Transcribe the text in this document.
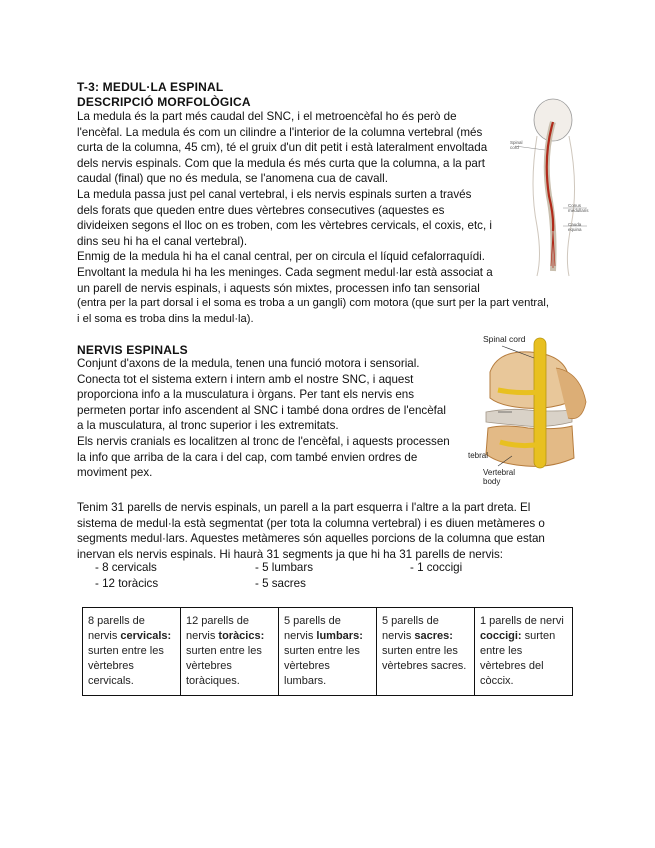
T-3: MEDUL·LA ESPINAL
DESCRIPCIÓ MORFOLÒGICA
La medula és la part més caudal del SNC, i el metroencèfal ho és però de
l'encèfal. La medula és com un cilindre a l'interior de la columna vertebral (més
curta de la columna, 45 cm), té el gruix d'un dit petit i està lateralment envoltada
dels nervis espinals. Com que la medula és més curta que la columna, a la part
caudal (final) que no és medula, se l'anomena cua de cavall.
La medula passa just pel canal vertebral, i els nervis espinals surten a través
dels forats que queden entre dues vèrtebres consecutives (aquestes es
divideixen segons el lloc on es troben, com les vèrtebres cervicals, el coxis, etc, i
dins seu hi ha el canal vertebral).
Enmig de la medula hi ha el canal central, per on circula el líquid cefalorraquídi.
Envoltant la medula hi ha les meninges. Cada segment medul·lar està associat a
un parell de nervis espinals, i aquests són mixtes, processen info tan sensorial
(entra per la part dorsal i el soma es troba a un gangli) com motora (que surt per la part ventral,
i el soma es troba dins la medul·la).
Spinal cord
Conus medullaris
Cauda equina
NERVIS ESPINALS
Conjunt d'axons de la medula, tenen una funció motora i sensorial.
Conecta tot el sistema extern i intern amb el nostre SNC, i aquest
proporciona info a la musculatura i òrgans. Per tant els nervis ens
permeten portar info ascendent al SNC i també dona ordres de l'encèfal
a la musculatura, al tronc superior i les extremitats.
Els nervis cranials es localitzen al tronc de l'encèfal, i aquests processen
la info que arriba de la cara i del cap, com també envien ordres de
moviment pex.
Spinal cord
tebral
Vertebral body
Tenim 31 parells de nervis espinals, un parell a la part esquerra i l'altre a la part dreta. El
sistema de medul·la està segmentat (per tota la columna vertebral) i es diuen metàmeres o
segments medul·lars. Aquestes metàmeres són aquelles porcions de la columna que estan
inervan els nervis espinals. Hi haurà 31 segments ja que hi ha 31 parells de nervis:
- 8 cervicals	- 5 lumbars	- 1 coccigi
- 12 toràcics	- 5 sacres
8 parells de nervis cervicals: surten entre les vèrtebres cervicals.	12 parells de nervis toràcics: surten entre les vèrtebres toràciques.	5 parells de nervis lumbars: surten entre les vèrtebres lumbars.	5 parells de nervis sacres: surten entre les vèrtebres sacres.	1 parells de nervi coccigi: surten entre les vèrtebres del còccix.
